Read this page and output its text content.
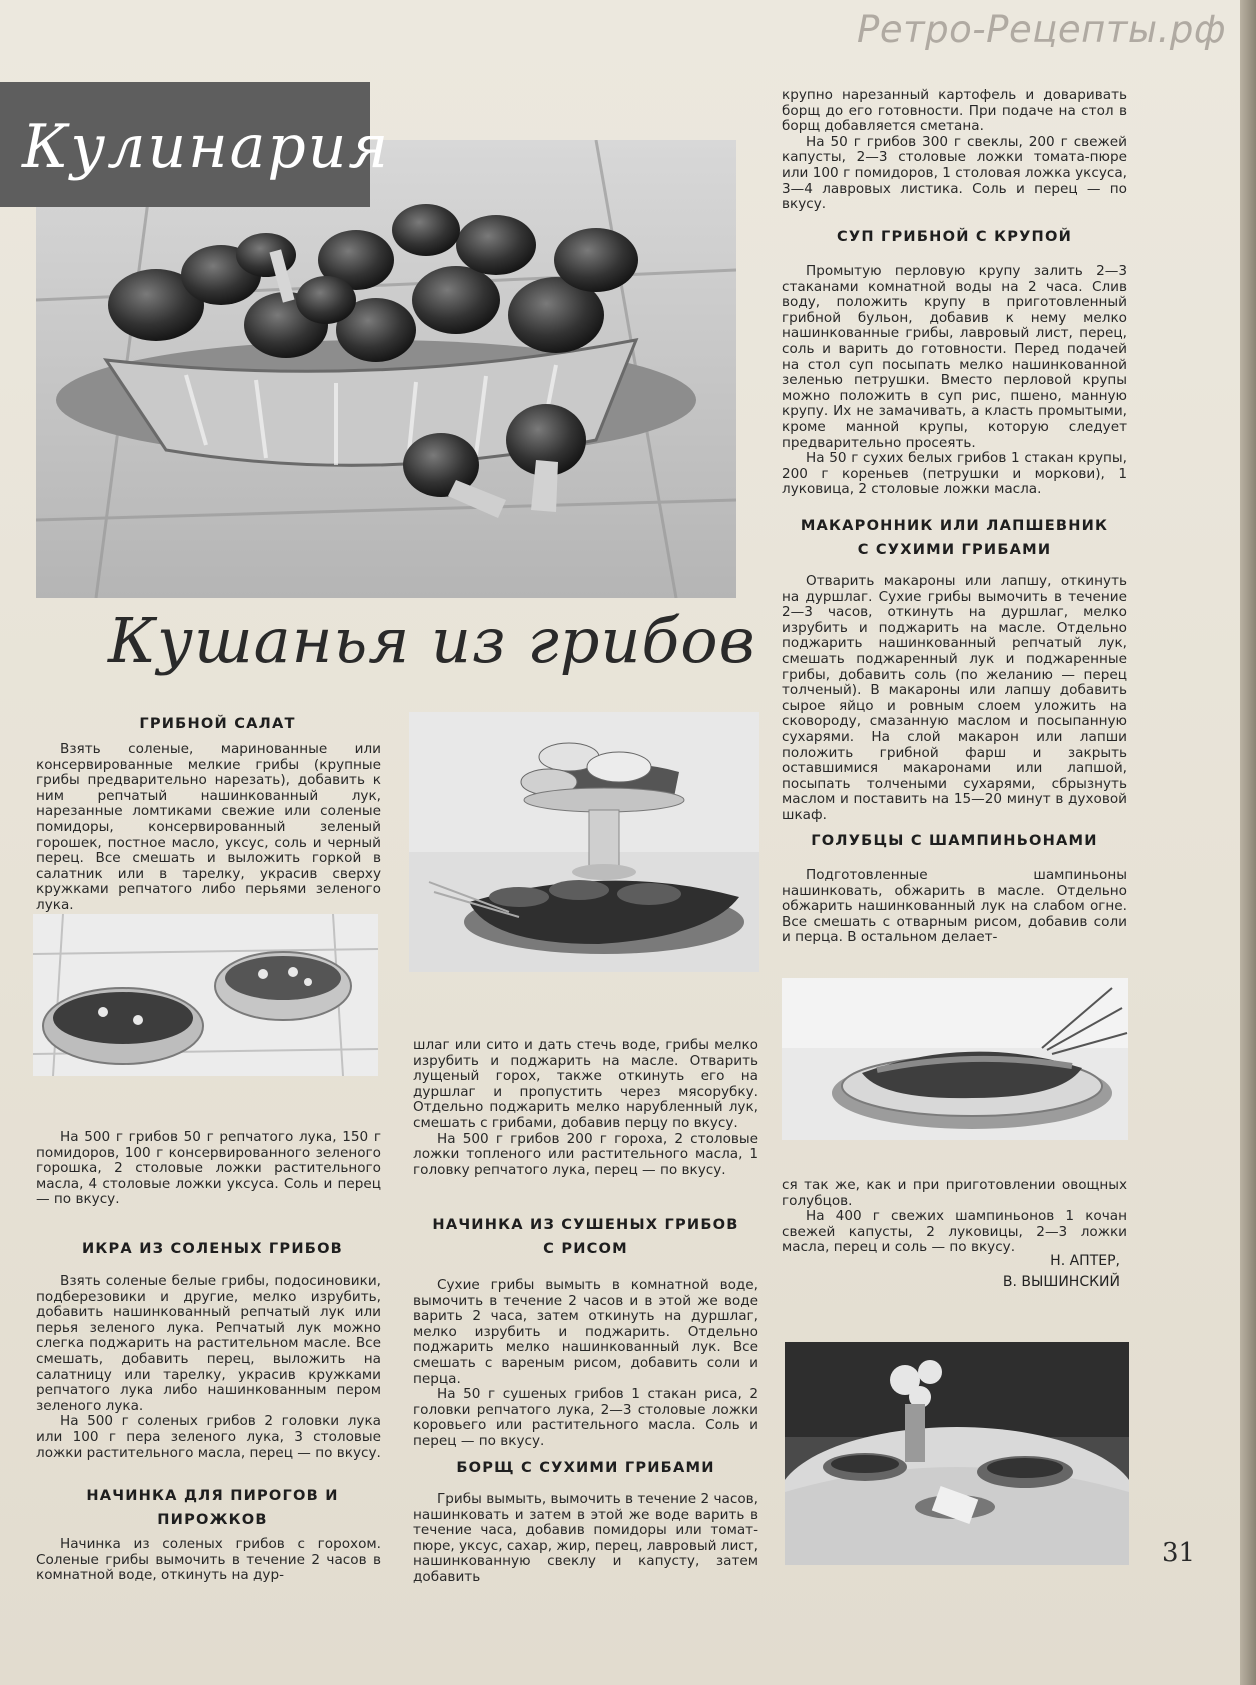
Ретро-Рецепты.рф
Кулинария
Кушанья из грибов

крупно нарезанный картофель и доваривать борщ до его готовности. При подаче на стол в борщ добавляется сметана.

На 50 г грибов 300 г свеклы, 200 г свежей капусты, 2—3 столовые ложки томата-пюре или 100 г помидоров, 1 столовая ложка уксуса, 3—4 лавровых листика. Соль и перец — по вкусу.

СУП ГРИБНОЙ С КРУПОЙ

Промытую перловую крупу залить 2—3 стаканами комнатной воды на 2 часа. Слив воду, положить крупу в приготовленный грибной бульон, добавив к нему мелко нашинкованные грибы, лавровый лист, перец, соль и варить до готовности. Перед подачей на стол суп посыпать мелко нашинкованной зеленью петрушки. Вместо перловой крупы можно положить в суп рис, пшено, манную крупу. Их не замачивать, а класть промытыми, кроме манной крупы, которую следует предварительно просеять.

На 50 г сухих белых грибов 1 стакан крупы, 200 г кореньев (петрушки и моркови), 1 луковица, 2 столовые ложки масла.

МАКАРОННИК ИЛИ ЛАПШЕВНИК
С СУХИМИ ГРИБАМИ

Отварить макароны или лапшу, откинуть на дуршлаг. Сухие грибы вымочить в течение 2—3 часов, откинуть на дуршлаг, мелко изрубить и поджарить на масле. Отдельно поджарить нашинкованный репчатый лук, смешать поджаренный лук и поджаренные грибы, добавить соль (по желанию — перец толченый). В макароны или лапшу добавить сырое яйцо и ровным слоем уложить на сковороду, смазанную маслом и посыпанную сухарями. На слой макарон или лапши положить грибной фарш и закрыть оставшимися макаронами или лапшой, посыпать толчеными сухарями, сбрызнуть маслом и поставить на 15—20 минут в духовой шкаф.

ГОЛУБЦЫ С ШАМПИНЬОНАМИ

Подготовленные шампиньоны нашинковать, обжарить в масле. Отдельно обжарить нашинкованный лук на слабом огне. Все смешать с отварным рисом, добавив соли и перца. В остальном делает-

ся так же, как и при приготовлении овощных голубцов.

На 400 г свежих шампиньонов 1 кочан свежей капусты, 2 луковицы, 2—3 ложки масла, перец и соль — по вкусу.

Н. АПТЕР,
В. ВЫШИНСКИЙ
31
ГРИБНОЙ САЛАТ

Взять соленые, маринованные или консервированные мелкие грибы (крупные грибы предварительно нарезать), добавить к ним репчатый нашинкованный лук, нарезанные ломтиками свежие или соленые помидоры, консервированный зеленый горошек, постное масло, уксус, соль и черный перец. Все смешать и выложить горкой в салатник или в тарелку, украсив сверху кружками репчатого либо перьями зеленого лука.

На 500 г грибов 50 г репчатого лука, 150 г помидоров, 100 г консервированного зеленого горошка, 2 столовые ложки растительного масла, 4 столовые ложки уксуса. Соль и перец — по вкусу.

ИКРА ИЗ СОЛЕНЫХ ГРИБОВ

Взять соленые белые грибы, подосиновики, подберезовики и другие, мелко изрубить, добавить нашинкованный репчатый лук или перья зеленого лука. Репчатый лук можно слегка поджарить на растительном масле. Все смешать, добавить перец, выложить на салатницу или тарелку, украсив кружками репчатого лука либо нашинкованным пером зеленого лука.

На 500 г соленых грибов 2 головки лука или 100 г пера зеленого лука, 3 столовые ложки растительного масла, перец — по вкусу.

НАЧИНКА ДЛЯ ПИРОГОВ И
ПИРОЖКОВ

Начинка из соленых грибов с горохом. Соленые грибы вымочить в течение 2 часов в комнатной воде, откинуть на дур-

шлаг или сито и дать стечь воде, грибы мелко изрубить и поджарить на масле. Отварить лущеный горох, также откинуть его на дуршлаг и пропустить через мясорубку. Отдельно поджарить мелко нарубленный лук, смешать с грибами, добавив перцу по вкусу.

На 500 г грибов 200 г гороха, 2 столовые ложки топленого или растительного масла, 1 головку репчатого лука, перец — по вкусу.

НАЧИНКА ИЗ СУШЕНЫХ ГРИБОВ
С РИСОМ

Сухие грибы вымыть в комнатной воде, вымочить в течение 2 часов и в этой же воде варить 2 часа, затем откинуть на дуршлаг, мелко изрубить и поджарить. Отдельно поджарить мелко нашинкованный лук. Все смешать с вареным рисом, добавить соли и перца.

На 50 г сушеных грибов 1 стакан риса, 2 головки репчатого лука, 2—3 столовые ложки коровьего или растительного масла. Соль и перец — по вкусу.

БОРЩ С СУХИМИ ГРИБАМИ

Грибы вымыть, вымочить в течение 2 часов, нашинковать и затем в этой же воде варить в течение часа, добавив помидоры или томат-пюре, уксус, сахар, жир, перец, лавровый лист, нашинкованную свеклу и капусту, затем добавить
